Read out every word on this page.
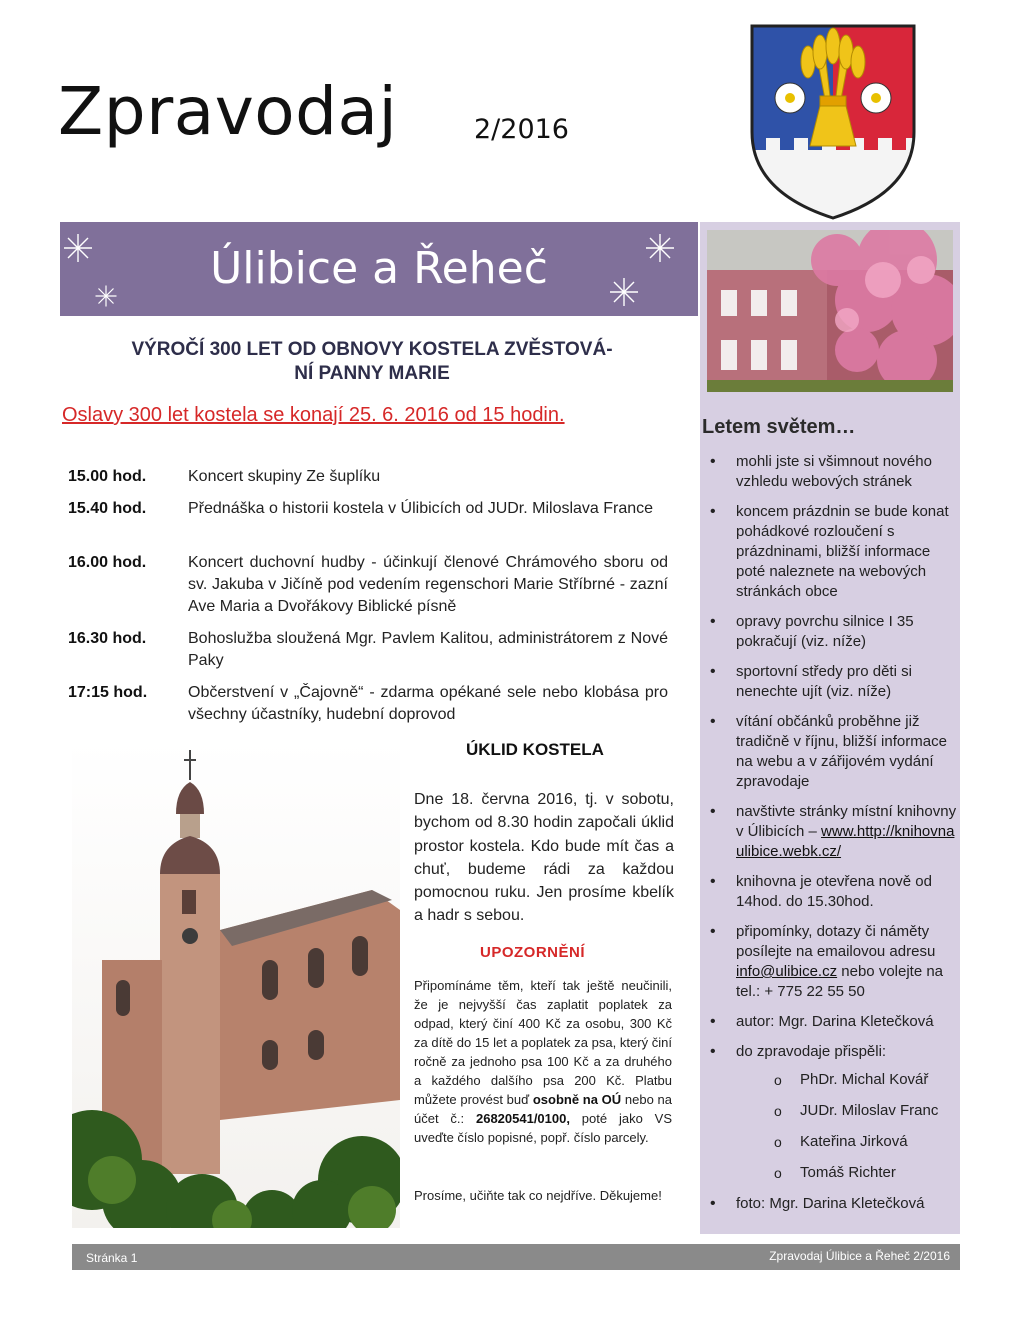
Zpravodaj	2/2016
Úlibice a Řeheč
Letem světem…
• mohli jste si všimnout nového vzhledu webových stránek
• koncem prázdnin se bude konat pohádkové rozloučení s prázdninami, bližší informace poté naleznete na webových stránkách obce
• opravy povrchu silnice I 35 pokračují (viz. níže)
• sportovní středy pro děti si nenechte ujít (viz. níže)
• vítání občánků proběhne již tradičně v říjnu, bližší informace na webu a v zářijovém vydání zpravodaje
• navštivte stránky místní knihovny v Úlibicích – www.http://knihovnaulibice.webk.cz/
• knihovna je otevřena nově od 14hod. do 15.30hod.
• připomínky, dotazy či náměty posílejte na emailovou adresu info@ulibice.cz nebo volejte na tel.: + 775 22 55 50
• autor: Mgr. Darina Kletečková
• do zpravodaje přispěli:
o PhDr. Michal Kovář
o JUDr. Miloslav Franc
o Kateřina Jirková
o Tomáš Richter
• foto: Mgr. Darina Kletečková
VÝROČÍ 300 LET OD OBNOVY KOSTELA ZVĚSTOVÁ-
NÍ PANNY MARIE
Oslavy 300 let kostela se konají 25. 6. 2016 od 15 hodin.
15.00 hod.	Koncert skupiny Ze šuplíku
15.40 hod.	Přednáška o historii kostela v Úlibicích od JUDr. Miloslava France
16.00 hod.	Koncert duchovní hudby - účinkují členové Chrámového sboru od sv. Jakuba v Jičíně pod vedením regenschori Marie Stříbrné - zazní Ave Maria a Dvořákovy Biblické písně
16.30 hod.	Bohoslužba sloužená Mgr. Pavlem Kalitou, administrátorem z Nové Paky
17:15 hod.	Občerstvení v „Čajovně“ - zdarma opékané sele nebo klobása pro všechny účastníky, hudební doprovod
ÚKLID KOSTELA
Dne 18. června 2016, tj. v sobotu, bychom od 8.30 hodin započali úklid prostor kostela. Kdo bude mít čas a chuť, budeme rádi za každou pomocnou ruku. Jen prosíme kbelík a hadr s sebou.
UPOZORNĚNÍ
Připomínáme těm, kteří tak ještě neučinili, že je nejvyšší čas zaplatit poplatek za odpad, který činí 400 Kč za osobu, 300 Kč za dítě do 15 let a poplatek za psa, který činí ročně za jednoho psa 100 Kč a za druhého a každého dalšího psa 200 Kč. Platbu můžete provést buď osobně na OÚ nebo na účet č.: 26820541/0100, poté jako VS uveďte číslo popisné, popř. číslo parcely.
Prosíme, učiňte tak co nejdříve. Děkujeme!
Stránka 1	Zpravodaj Úlibice a Řeheč 2/2016
